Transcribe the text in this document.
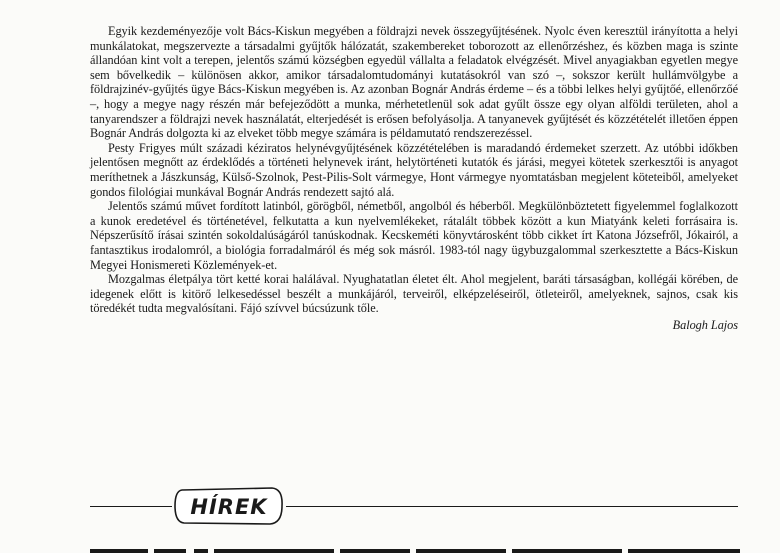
Egyik kezdeményezője volt Bács-Kiskun megyében a földrajzi nevek összegyűjtésének. Nyolc éven keresztül irányította a helyi munkálatokat, megszervezte a társadalmi gyűjtők hálózatát, szakembereket toborozott az ellenőrzéshez, és közben maga is szinte állandóan kint volt a terepen, jelentős számú községben egyedül vállalta a feladatok elvégzését. Mivel anyagiakban egyetlen megye sem bővelkedik – különösen akkor, amikor társadalomtudományi kutatásokról van szó –, sokszor került hullámvölgybe a földrajzinév-gyűjtés ügye Bács-Kiskun megyében is. Az azonban Bognár András érdeme – és a többi lelkes helyi gyűjtőé, ellenőrzőé –, hogy a megye nagy részén már befejeződött a munka, mérhetetlenül sok adat gyűlt össze egy olyan alföldi területen, ahol a tanyarendszer a földrajzi nevek használatát, elterjedését is erősen befolyásolja. A tanyanevek gyűjtését és közzétételét illetően éppen Bognár András dolgozta ki az elveket több megye számára is példamutató rendszerezéssel.

Pesty Frigyes múlt századi kéziratos helynévgyűjtésének közzétételében is maradandó érdemeket szerzett. Az utóbbi időkben jelentősen megnőtt az érdeklődés a történeti helynevek iránt, helytörténeti kutatók és járási, megyei kötetek szerkesztői is anyagot meríthetnek a Jászkunság, Külső-Szolnok, Pest-Pilis-Solt vármegye, Hont vármegye nyomtatásban megjelent köteteiből, amelyeket gondos filológiai munkával Bognár András rendezett sajtó alá.

Jelentős számú művet fordított latinból, görögből, németből, angolból és héberből. Megkülönböztetett figyelemmel foglalkozott a kunok eredetével és történetével, felkutatta a kun nyelvemlékeket, rátalált többek között a kun Miatyánk keleti forrásaira is. Népszerűsítő írásai szintén sokoldalúságáról tanúskodnak. Kecskeméti könyvtárosként több cikket írt Katona Józsefről, Jókairól, a fantasztikus irodalomról, a biológia forradalmáról és még sok másról. 1983-tól nagy ügybuzgalommal szerkesztette a Bács-Kiskun Megyei Honismereti Közlemények-et.

Mozgalmas életpálya tört ketté korai halálával. Nyughatatlan életet élt. Ahol megjelent, baráti társaságban, kollégái körében, de idegenek előtt is kitörő lelkesedéssel beszélt a munkájáról, terveiről, elképzeléseiről, ötleteiről, amelyeknek, sajnos, csak kis töredékét tudta megvalósítani. Fájó szívvel búcsúzunk tőle.

Balogh Lajos
HÍREK
